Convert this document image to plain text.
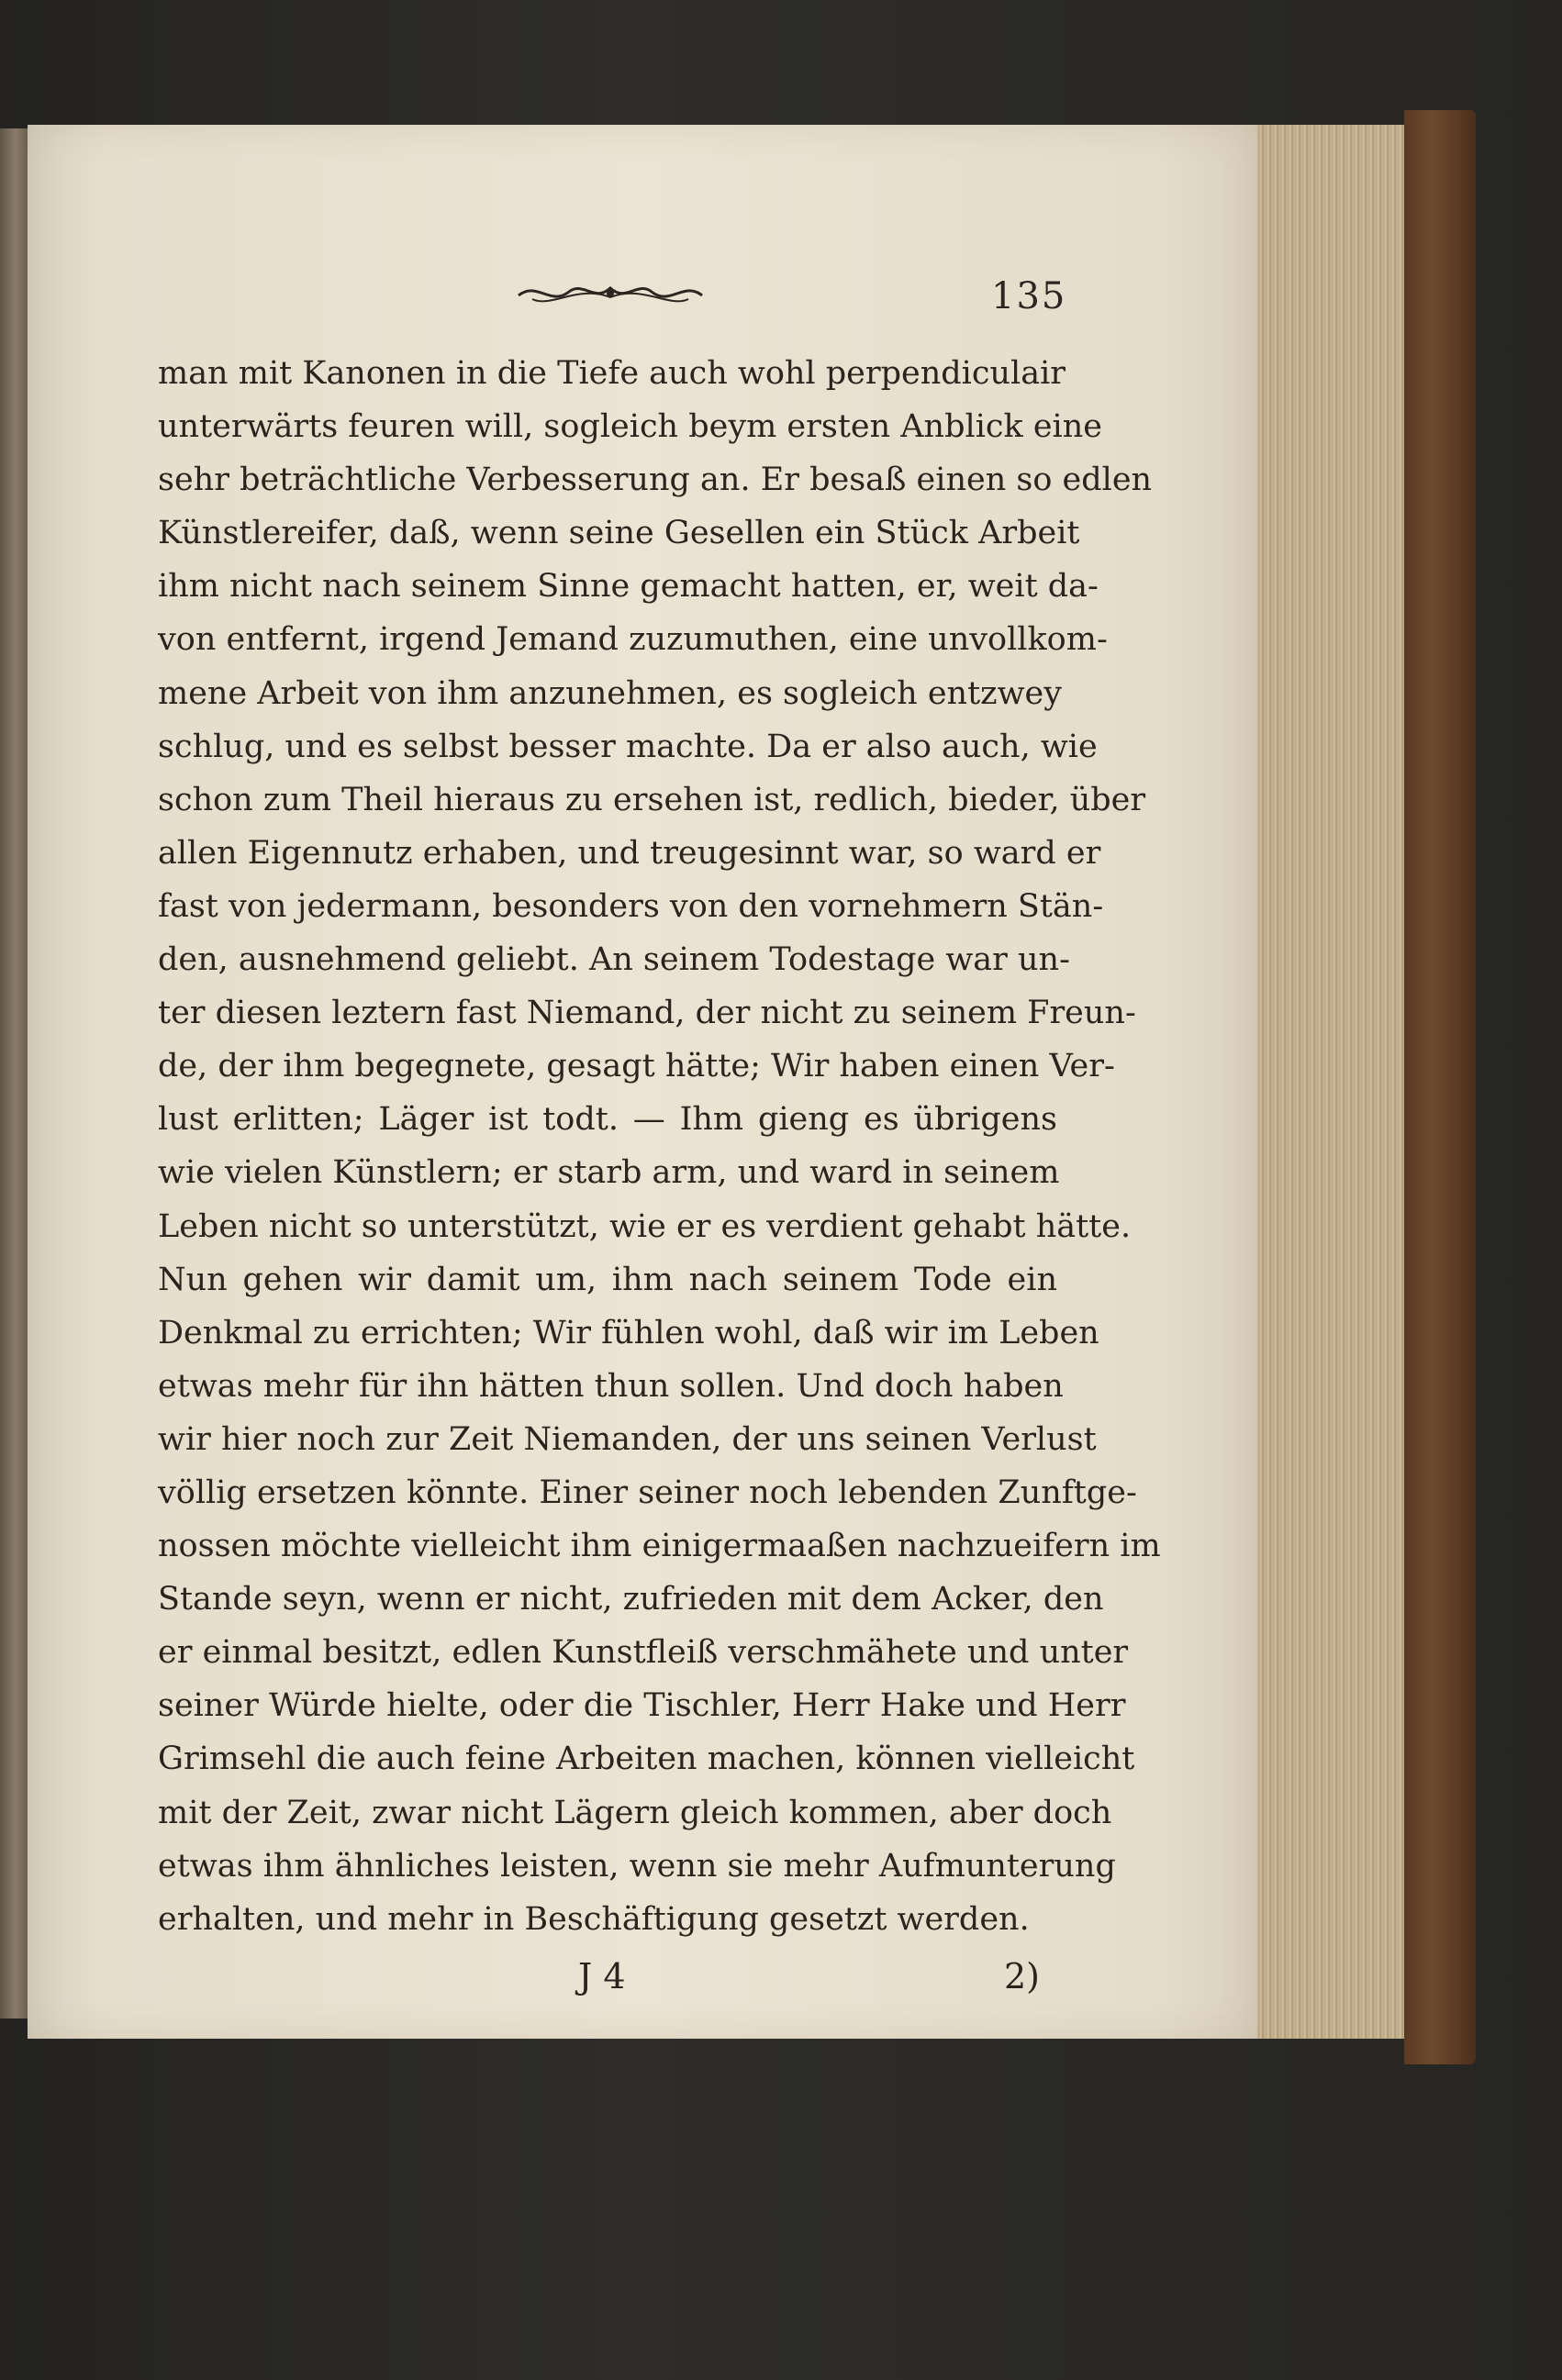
135
man mit Kanonen in die Tiefe auch wohl perpendiculair
unterwärts feuren will, sogleich beym ersten Anblick eine
sehr beträchtliche Verbesserung an. Er besaß einen so edlen
Künstlereifer, daß, wenn seine Gesellen ein Stück Arbeit
ihm nicht nach seinem Sinne gemacht hatten, er, weit da-
von entfernt, irgend Jemand zuzumuthen, eine unvollkom-
mene Arbeit von ihm anzunehmen, es sogleich entzwey
schlug, und es selbst besser machte. Da er also auch, wie
schon zum Theil hieraus zu ersehen ist, redlich, bieder, über
allen Eigennutz erhaben, und treugesinnt war, so ward er
fast von jedermann, besonders von den vornehmern Stän-
den, ausnehmend geliebt. An seinem Todestage war un-
ter diesen leztern fast Niemand, der nicht zu seinem Freun-
de, der ihm begegnete, gesagt hätte; Wir haben einen Ver-
lust erlitten; Läger ist todt. — Ihm gieng es übrigens
wie vielen Künstlern; er starb arm, und ward in seinem
Leben nicht so unterstützt, wie er es verdient gehabt hätte.
Nun gehen wir damit um, ihm nach seinem Tode ein
Denkmal zu errichten; Wir fühlen wohl, daß wir im Leben
etwas mehr für ihn hätten thun sollen. Und doch haben
wir hier noch zur Zeit Niemanden, der uns seinen Verlust
völlig ersetzen könnte. Einer seiner noch lebenden Zunftge-
nossen möchte vielleicht ihm einigermaaßen nachzueifern im
Stande seyn, wenn er nicht, zufrieden mit dem Acker, den
er einmal besitzt, edlen Kunstfleiß verschmähete und unter
seiner Würde hielte, oder die Tischler, Herr Hake und Herr
Grimsehl die auch feine Arbeiten machen, können vielleicht
mit der Zeit, zwar nicht Lägern gleich kommen, aber doch
etwas ihm ähnliches leisten, wenn sie mehr Aufmunterung
erhalten, und mehr in Beschäftigung gesetzt werden.
J 4	2)
